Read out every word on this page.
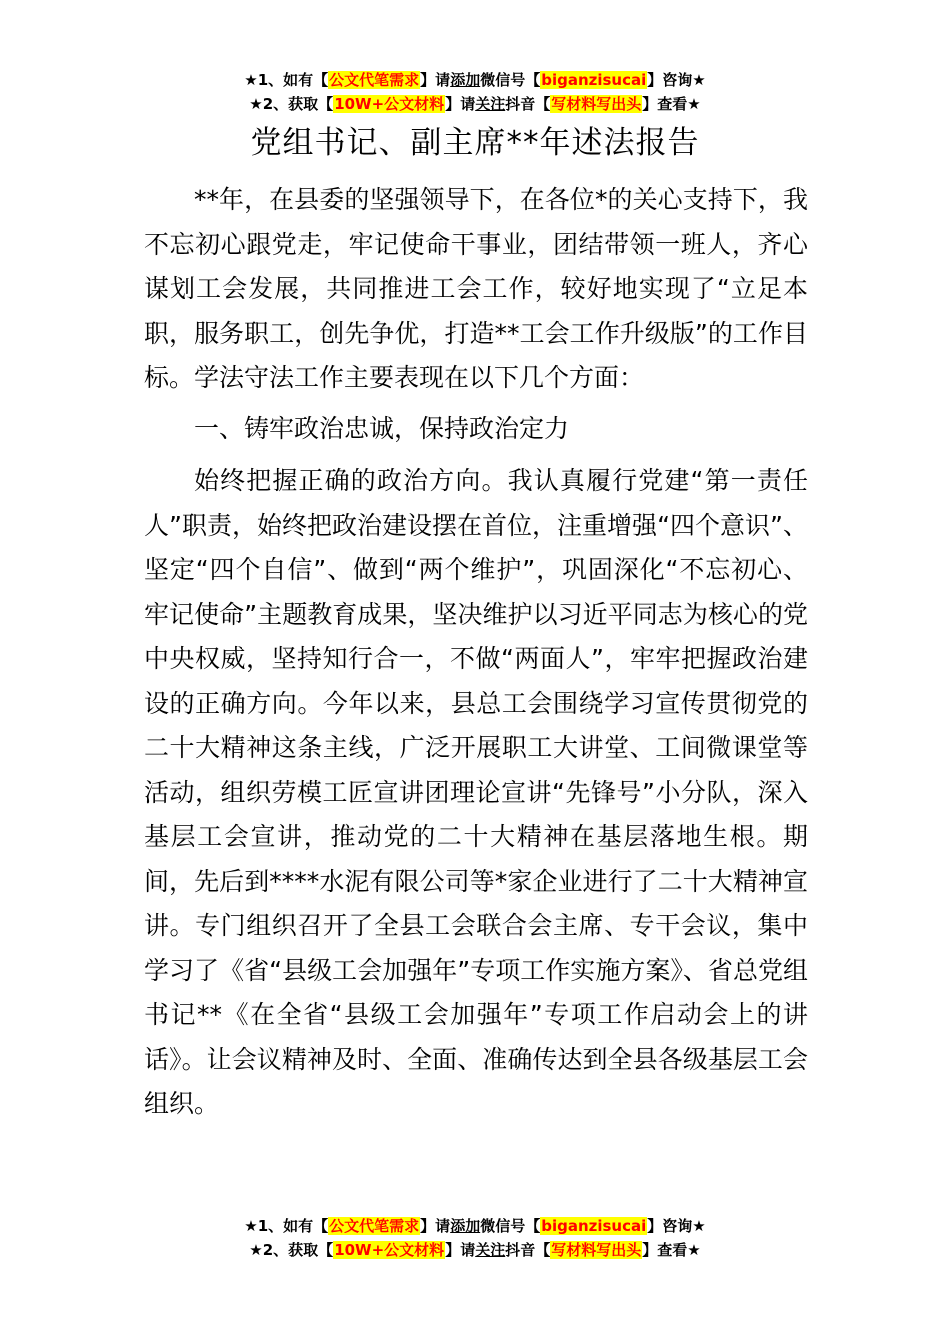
★1、如有【公文代笔需求】请添加微信号【biganzisucai】咨询★
★2、获取【10W+公文材料】请关注抖音【写材料写出头】查看★
党组书记、副主席**年述法报告

**年，在县委的坚强领导下，在各位*的关心支持下，我不忘初心跟党走，牢记使命干事业，团结带领一班人，齐心谋划工会发展，共同推进工会工作，较好地实现了“立足本职，服务职工，创先争优，打造**工会工作升级版”的工作目标。学法守法工作主要表现在以下几个方面：

一、铸牢政治忠诚，保持政治定力

始终把握正确的政治方向。我认真履行党建“第一责任人”职责，始终把政治建设摆在首位，注重增强“四个意识”、坚定“四个自信”、做到“两个维护”，巩固深化“不忘初心、牢记使命”主题教育成果，坚决维护以习近平同志为核心的党中央权威，坚持知行合一，不做“两面人”，牢牢把握政治建设的正确方向。今年以来，县总工会围绕学习宣传贯彻党的二十大精神这条主线，广泛开展职工大讲堂、工间微课堂等活动，组织劳模工匠宣讲团理论宣讲“先锋号”小分队，深入基层工会宣讲，推动党的二十大精神在基层落地生根。期间，先后到****水泥有限公司等*家企业进行了二十大精神宣讲。专门组织召开了全县工会联合会主席、专干会议，集中学习了《省“县级工会加强年”专项工作实施方案》、省总党组书记**《在全省“县级工会加强年”专项工作启动会上的讲话》。让会议精神及时、全面、准确传达到全县各级基层工会组织。

★1、如有【公文代笔需求】请添加微信号【biganzisucai】咨询★
★2、获取【10W+公文材料】请关注抖音【写材料写出头】查看★
